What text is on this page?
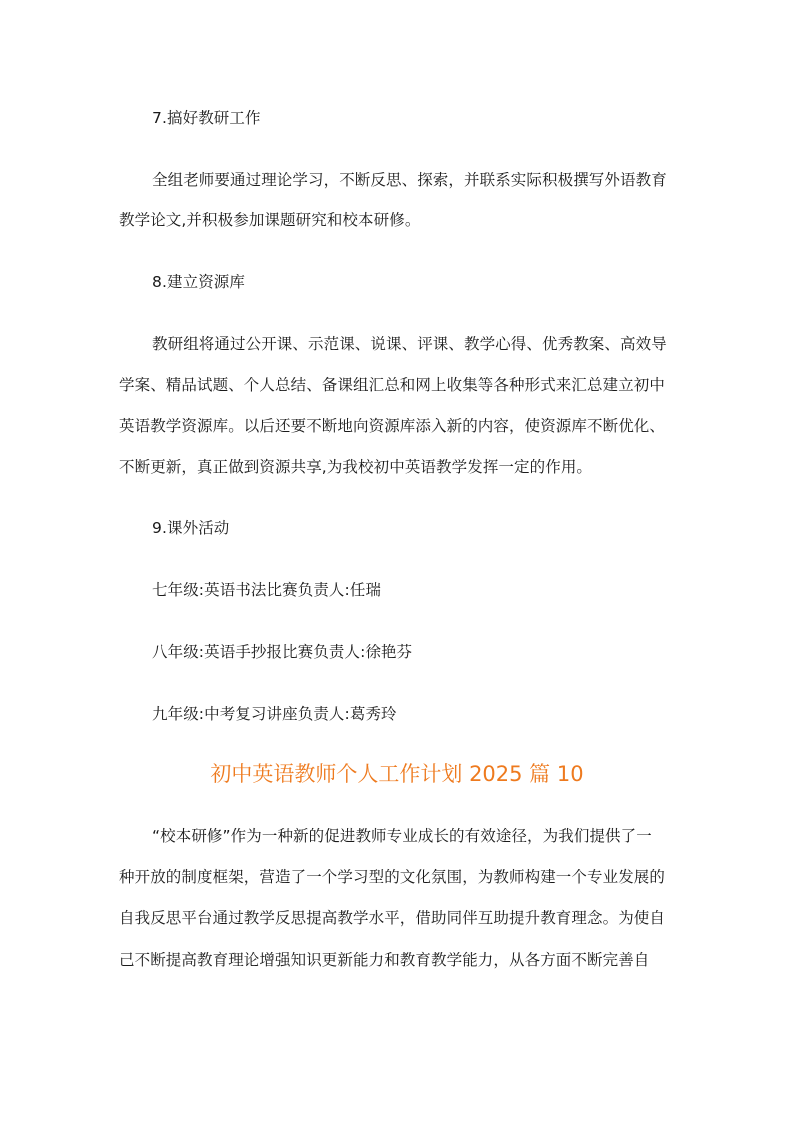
7.搞好教研工作
全组老师要通过理论学习，不断反思、探索，并联系实际积极撰写外语教育
教学论文,并积极参加课题研究和校本研修。
8.建立资源库
教研组将通过公开课、示范课、说课、评课、教学心得、优秀教案、高效导
学案、精品试题、个人总结、备课组汇总和网上收集等各种形式来汇总建立初中
英语教学资源库。以后还要不断地向资源库添入新的内容，使资源库不断优化、
不断更新，真正做到资源共享,为我校初中英语教学发挥一定的作用。
9.课外活动
七年级:英语书法比赛负责人:任瑞
八年级:英语手抄报比赛负责人:徐艳芬
九年级:中考复习讲座负责人:葛秀玲
初中英语教师个人工作计划 2025 篇 10
“校本研修”作为一种新的促进教师专业成长的有效途径，为我们提供了一
种开放的制度框架，营造了一个学习型的文化氛围，为教师构建一个专业发展的
自我反思平台通过教学反思提高教学水平，借助同伴互助提升教育理念。为使自
己不断提高教育理论增强知识更新能力和教育教学能力，从各方面不断完善自
